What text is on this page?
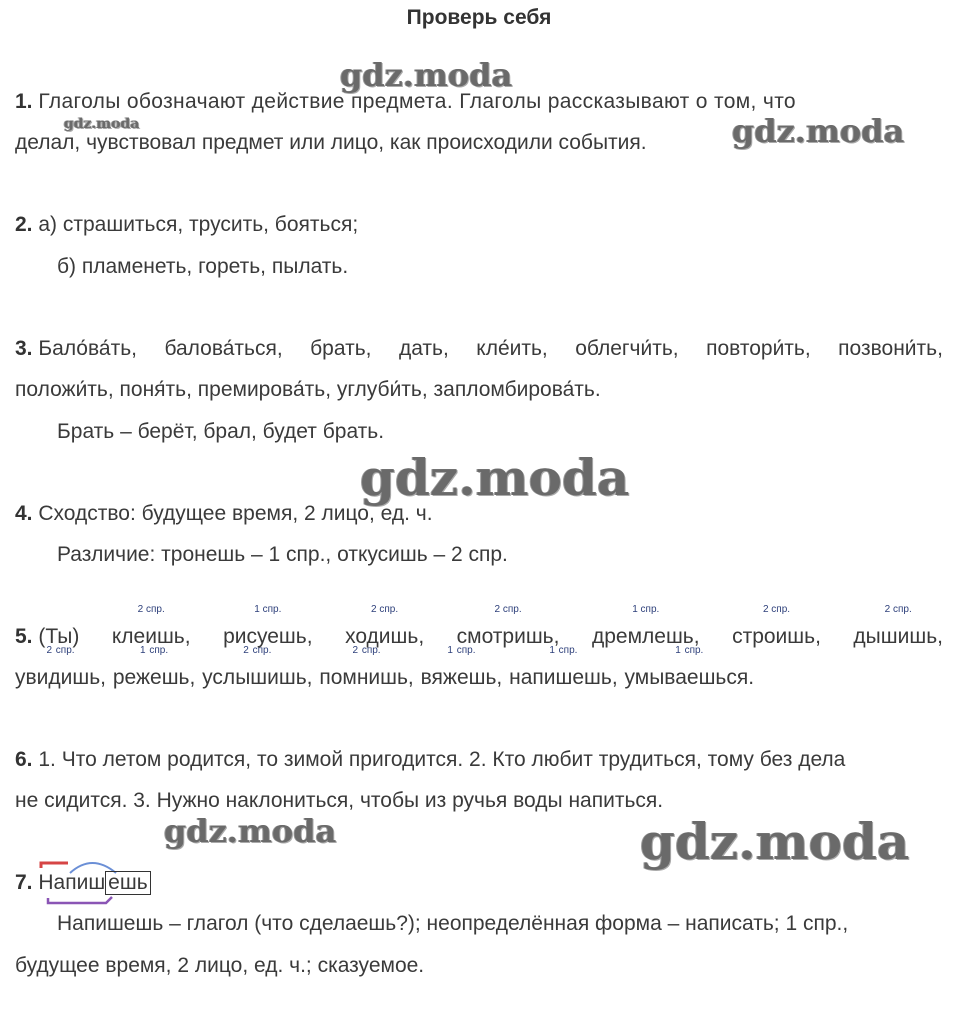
Проверь себя
gdz.moda
gdz.moda	gdz.moda
gdz.moda
gdz.moda	gdz.moda
1. Глаголы обозначают действие предмета. Глаголы рассказывают о том, что
делал, чувствовал предмет или лицо, как происходили события.
2. а) страшиться, трусить, бояться;
б) пламенеть, гореть, пылать.
3. Бало́ва́ть, балова́ться, брать, дать, кле́ить, облегчи́ть, повтори́ть, позвони́ть,
положи́ть, поня́ть, премирова́ть, углуби́ть, запломбирова́ть.
Брать – берёт, брал, будет брать.
4. Сходство: будущее время, 2 лицо, ед. ч.
Различие: тронешь – 1 спр., откусишь – 2 спр.
5. (Ты)
2 спр.
клеишь,
1 спр.
рисуешь,
2 спр.
ходишь,
2 спр.
смотришь,
1 спр.
дремлешь,
2 спр.
строишь,
2 спр.
дышишь,
2 спр.
увидишь,
1 спр.
режешь,
2 спр.
услышишь,
2 спр.
помнишь,
1 спр.
вяжешь,
1 спр.
напишешь,
1 спр.
умываешься.
6. 1. Что летом родится, то зимой пригодится. 2. Кто любит трудиться, тому без дела
не сидится. 3. Нужно наклониться, чтобы из ручья воды напиться.
7. Напиш ешь
Напишешь – глагол (что сделаешь?); неопределённая форма – написать; 1 спр.,
будущее время, 2 лицо, ед. ч.; сказуемое.
